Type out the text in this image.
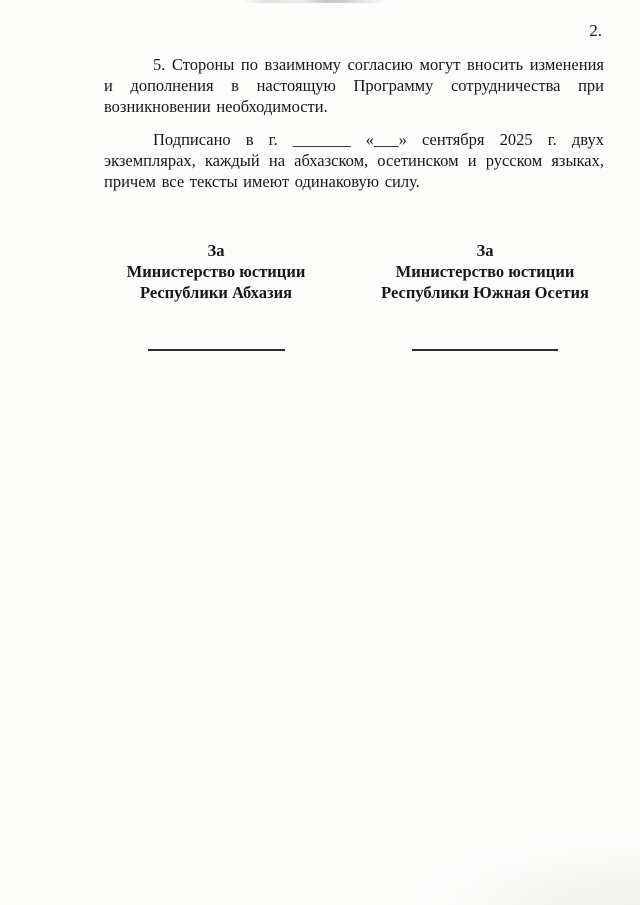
2.

5. Стороны по взаимному согласию могут вносить изменения и дополнения в настоящую Программу сотрудничества при возникновении необходимости.

Подписано в г. _______ «___» сентября 2025 г. двух экземплярах, каждый на абхазском, осетинском и русском языках, причем все тексты имеют одинаковую силу.

За
Министерство юстиции
Республики Абхазия
За
Министерство юстиции
Республики Южная Осетия
